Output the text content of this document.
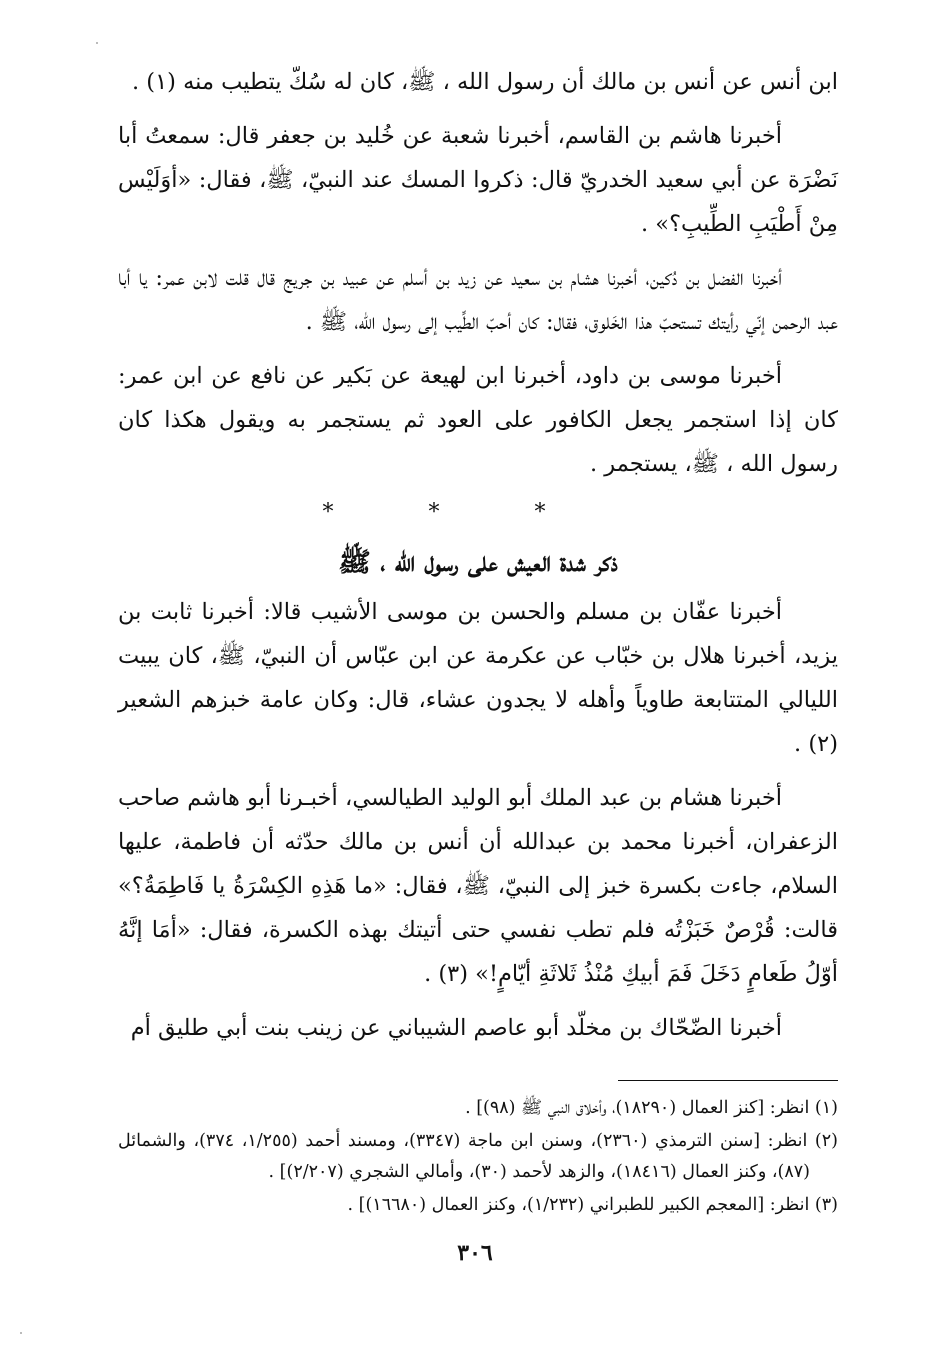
ابن أنس عن أنس بن مالك أن رسول الله ، ﷺ، كان له سُكّ يتطيب منه (١) .

أخبرنا هاشم بن القاسم، أخبرنا شعبة عن خُليد بن جعفر قال: سمعتُ أبا نَضْرَة عن أبي سعيد الخدريّ قال: ذكروا المسك عند النبيّ، ﷺ، فقال: «أوَلَيْس مِنْ أَطْيَبِ الطِّيبِ؟» .

أخبرنا الفضل بن دُكين، أخبرنا هشام بن سعيد عن زيد بن أسلم عن عبيد بن جريج قال قلت لابن عمر: يا أبا عبد الرحمن إنّي رأيتك تستحبّ هذا الخَلوق، فقال: كان أحبّ الطِّيب إلى رسول الله، ﷺ .

أخبرنا موسى بن داود، أخبرنا ابن لهيعة عن بَكير عن نافع عن ابن عمر: كان إذا استجمر يجعل الكافور على العود ثم يستجمر به ويقول هكذا كان رسول الله ، ﷺ، يستجمر .

* * *
ذكر شدة العيش على رسول الله ، ﷺ

أخبرنا عفّان بن مسلم والحسن بن موسى الأشيب قالا: أخبرنا ثابت بن يزيد، أخبرنا هلال بن خبّاب عن عكرمة عن ابن عبّاس أن النبيّ، ﷺ، كان يبيت الليالي المتتابعة طاوياً وأهله لا يجدون عشاء، قال: وكان عامة خبزهم الشعير (٢) .

أخبرنا هشام بن عبد الملك أبو الوليد الطيالسي، أخبـرنا أبو هاشم صاحب الزعفران، أخبرنا محمد بن عبدالله أن أنس بن مالك حدّثه أن فاطمة، عليها السلام، جاءت بكسرة خبز إلى النبيّ، ﷺ، فقال: «ما هَذِهِ الكِسْرَةُ يا فَاطِمَةُ؟» قالت: قُرْصٌ خَبَزْتُه فلم تطب نفسي حتى أتيتك بهذه الكسرة، فقال: «أمَا إنَّهُ أوّلُ طَعامٍ دَخَلَ فَمَ أبيكِ مُنْذُ ثَلاثَةِ أيّامٍ!» (٣) .

أخبرنا الضّحّاك بن مخلّد أبو عاصم الشيباني عن زينب بنت أبي طليق أم

(١) انظر: [كنز العمال (١٨٢٩٠)، وأخلاق النبي ﷺ (٩٨)] .

(٢) انظر: [سنن الترمذي (٢٣٦٠)، وسنن ابن ماجة (٣٣٤٧)، ومسند أحمد (١/٢٥٥، ٣٧٤)، والشمائل (٨٧)، وكنز العمال (١٨٤١٦)، والزهد لأحمد (٣٠)، وأمالي الشجري (٢/٢٠٧)] .

(٣) انظر: [المعجم الكبير للطبراني (١/٢٣٢)، وكنز العمال (١٦٦٨٠)] .

٣٠٦
